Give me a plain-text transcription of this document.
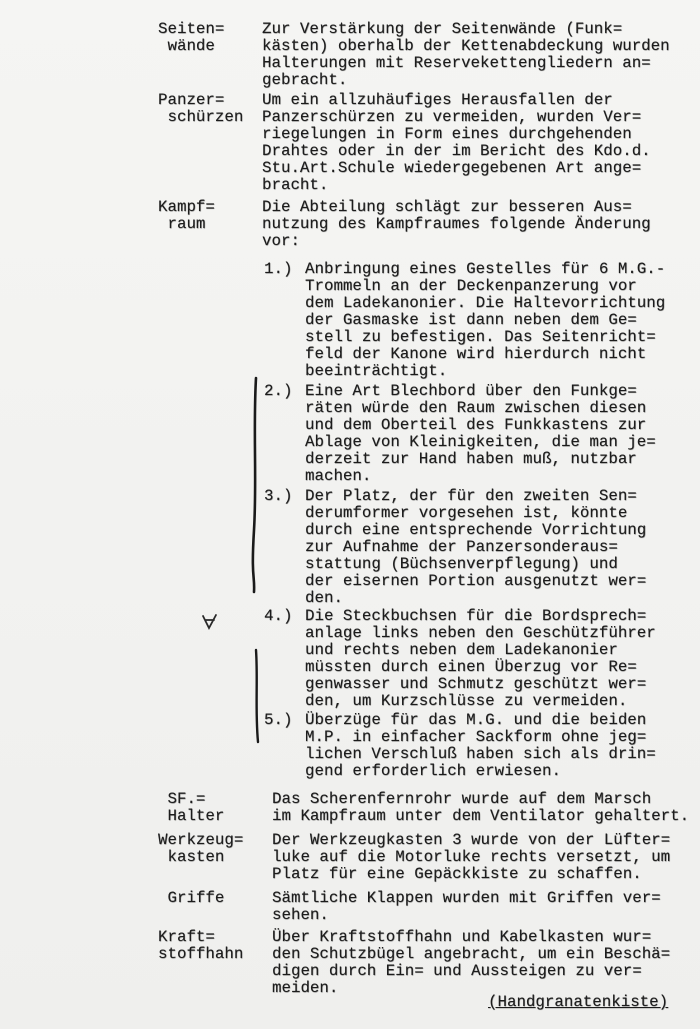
Seiten=
wände
Zur Verstärkung der Seitenwände (Funk=
kästen) oberhalb der Kettenabdeckung wurden
Halterungen mit Reservekettengliedern an=
gebracht.
Panzer=
schürzen
Um ein allzuhäufiges Herausfallen der
Panzerschürzen zu vermeiden, wurden Ver=
riegelungen in Form eines durchgehenden
Drahtes oder in der im Bericht des Kdo.d.
Stu.Art.Schule wiedergegebenen Art ange=
bracht.
Kampf=
raum
Die Abteilung schlägt zur besseren Aus=
nutzung des Kampfraumes folgende Änderung
vor:
1.) Anbringung eines Gestelles für 6 M.G.-
Trommeln an der Deckenpanzerung vor
dem Ladekanonier. Die Haltevorrichtung
der Gasmaske ist dann neben dem Ge=
stell zu befestigen. Das Seitenricht=
feld der Kanone wird hierdurch nicht
beeinträchtigt.
2.) Eine Art Blechbord über den Funkge=
räten würde den Raum zwischen diesen
und dem Oberteil des Funkkastens zur
Ablage von Kleinigkeiten, die man je=
derzeit zur Hand haben muß, nutzbar
machen.
3.) Der Platz, der für den zweiten Sen=
derumformer vorgesehen ist, könnte
durch eine entsprechende Vorrichtung
zur Aufnahme der Panzersonderaus=
stattung (Büchsenverpflegung) und
der eisernen Portion ausgenutzt wer=
den.
4.) Die Steckbuchsen für die Bordsprech=
anlage links neben den Geschützführer
und rechts neben dem Ladekanonier
müssten durch einen Überzug vor Re=
genwasser und Schmutz geschützt wer=
den, um Kurzschlüsse zu vermeiden.
5.) Überzüge für das M.G. und die beiden
M.P. in einfacher Sackform ohne jeg=
lichen Verschluß haben sich als drin=
gend erforderlich erwiesen.
SF.=
Halter
Das Scherenfernrohr wurde auf dem Marsch
im Kampfraum unter dem Ventilator gehaltert.
Werkzeug=
kasten
Der Werkzeugkasten 3 wurde von der Lüfter=
luke auf die Motorluke rechts versetzt, um
Platz für eine Gepäckkiste zu schaffen.
Griffe	Sämtliche Klappen wurden mit Griffen ver=
sehen.
Kraft=
stoffhahn
Über Kraftstoffhahn und Kabelkasten wur=
den Schutzbügel angebracht, um ein Beschä=
digen durch Ein= und Aussteigen zu ver=
meiden.
(Handgranatenkiste)
